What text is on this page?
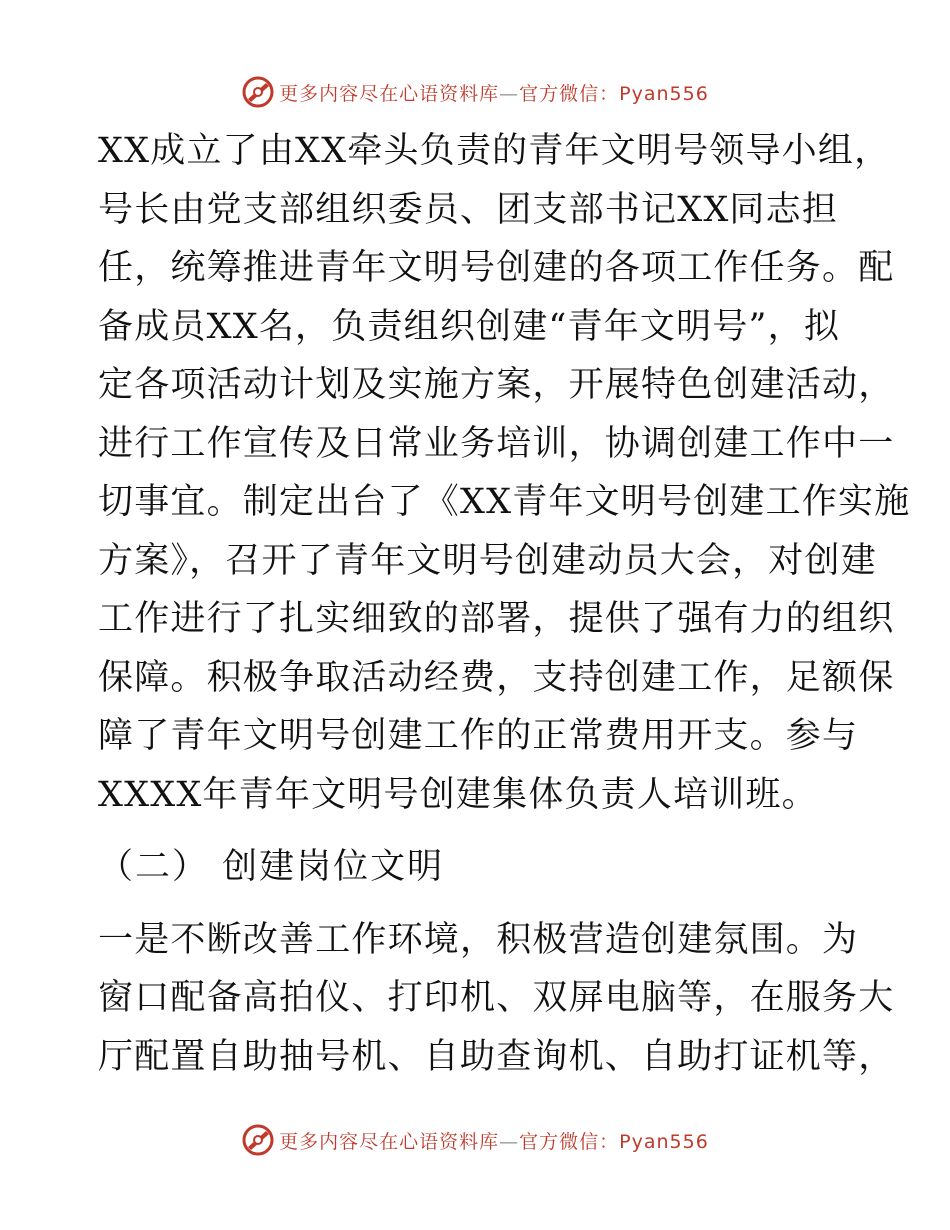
更多内容尽在心语资料库—官方微信：Pyan556
XX成立了由XX牵头负责的青年文明号领导小组，
号长由党支部组织委员、团支部书记XX同志担
任，统筹推进青年文明号创建的各项工作任务。配
备成员XX名，负责组织创建“青年文明号”，拟
定各项活动计划及实施方案，开展特色创建活动，
进行工作宣传及日常业务培训，协调创建工作中一
切事宜。制定出台了《XX青年文明号创建工作实施
方案》，召开了青年文明号创建动员大会，对创建
工作进行了扎实细致的部署，提供了强有力的组织
保障。积极争取活动经费，支持创建工作，足额保
障了青年文明号创建工作的正常费用开支。参与
XXXX年青年文明号创建集体负责人培训班。
（二） 创建岗位文明
一是不断改善工作环境，积极营造创建氛围。为
窗口配备高拍仪、打印机、双屏电脑等，在服务大
厅配置自助抽号机、自助查询机、自助打证机等，
更多内容尽在心语资料库—官方微信：Pyan556
